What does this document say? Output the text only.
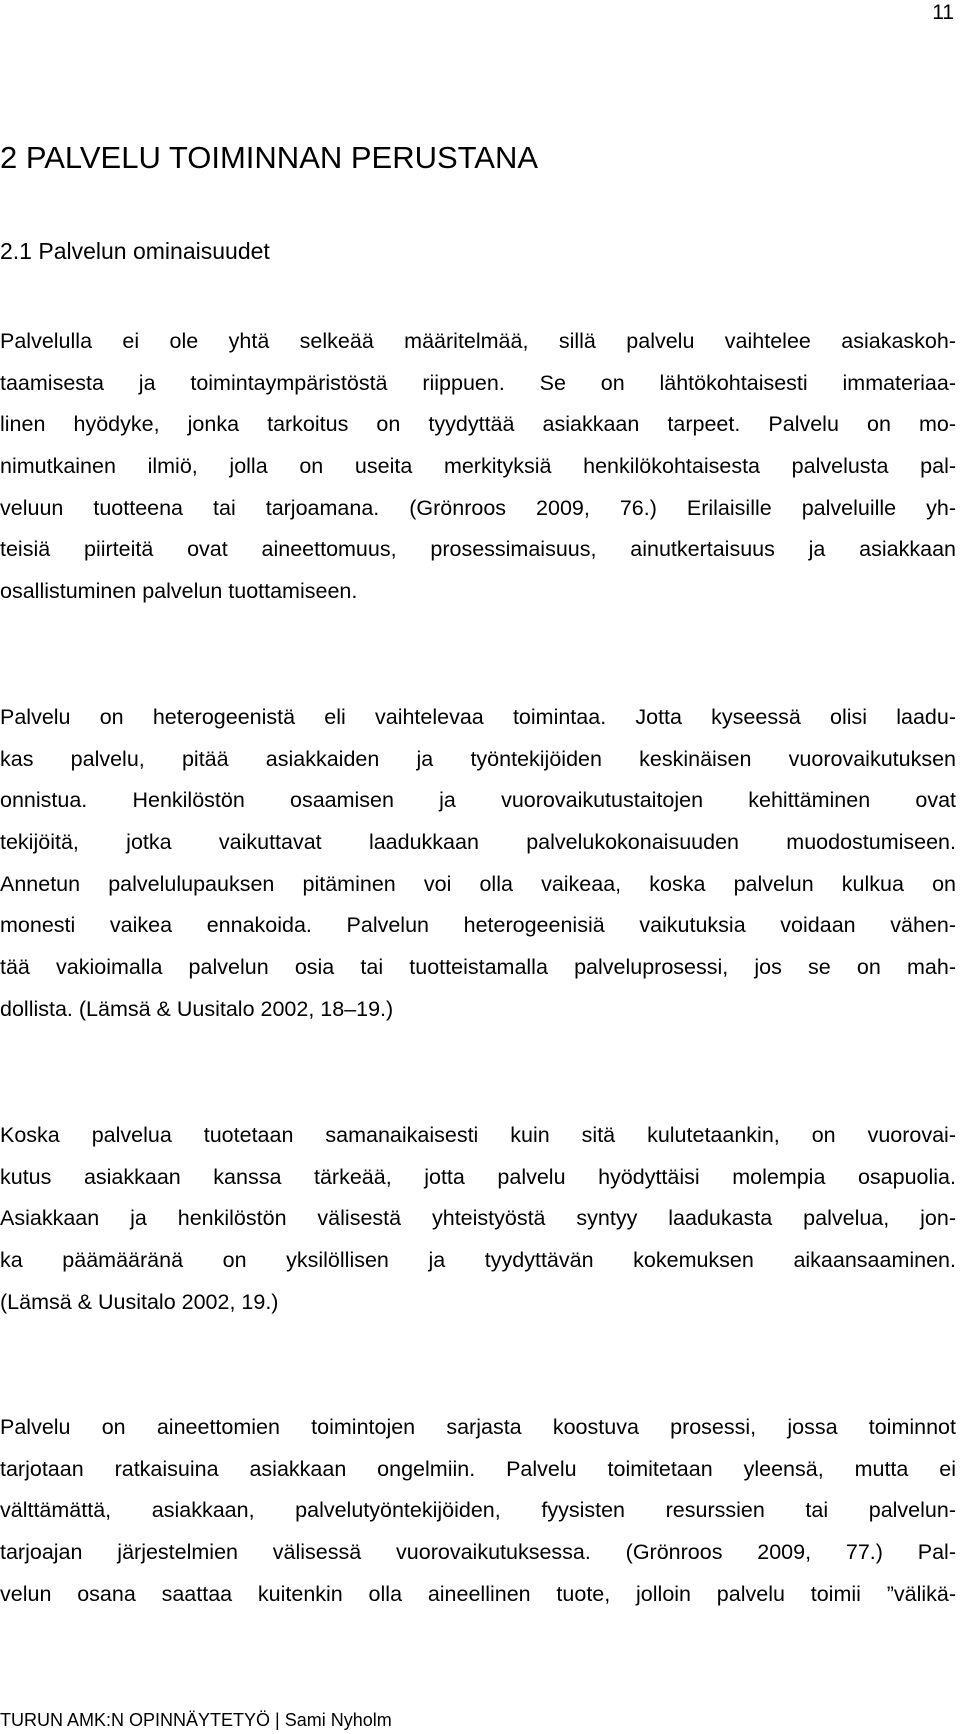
11
2 PALVELU TOIMINNAN PERUSTANA
2.1 Palvelun ominaisuudet
Palvelulla ei ole yhtä selkeää määritelmää, sillä palvelu vaihtelee asiakaskoh-
taamisesta ja toimintaympäristöstä riippuen. Se on lähtökohtaisesti immateriaa-
linen hyödyke, jonka tarkoitus on tyydyttää asiakkaan tarpeet. Palvelu on mo-
nimutkainen ilmiö, jolla on useita merkityksiä henkilökohtaisesta palvelusta pal-
veluun tuotteena tai tarjoamana. (Grönroos 2009, 76.) Erilaisille palveluille yh-
teisiä piirteitä ovat aineettomuus, prosessimaisuus, ainutkertaisuus ja asiakkaan
osallistuminen palvelun tuottamiseen.
Palvelu on heterogeenistä eli vaihtelevaa toimintaa. Jotta kyseessä olisi laadu-
kas palvelu, pitää asiakkaiden ja työntekijöiden keskinäisen vuorovaikutuksen
onnistua. Henkilöstön osaamisen ja vuorovaikutustaitojen kehittäminen ovat
tekijöitä, jotka vaikuttavat laadukkaan palvelukokonaisuuden muodostumiseen.
Annetun palvelulupauksen pitäminen voi olla vaikeaa, koska palvelun kulkua on
monesti vaikea ennakoida. Palvelun heterogeenisiä vaikutuksia voidaan vähen-
tää vakioimalla palvelun osia tai tuotteistamalla palveluprosessi, jos se on mah-
dollista. (Lämsä & Uusitalo 2002, 18–19.)
Koska palvelua tuotetaan samanaikaisesti kuin sitä kulutetaankin, on vuorovai-
kutus asiakkaan kanssa tärkeää, jotta palvelu hyödyttäisi molempia osapuolia.
Asiakkaan ja henkilöstön välisestä yhteistyöstä syntyy laadukasta palvelua, jon-
ka päämääränä on yksilöllisen ja tyydyttävän kokemuksen aikaansaaminen.
(Lämsä & Uusitalo 2002, 19.)
Palvelu on aineettomien toimintojen sarjasta koostuva prosessi, jossa toiminnot
tarjotaan ratkaisuina asiakkaan ongelmiin. Palvelu toimitetaan yleensä, mutta ei
välttämättä, asiakkaan, palvelutyöntekijöiden, fyysisten resurssien tai palvelun-
tarjoajan järjestelmien välisessä vuorovaikutuksessa. (Grönroos 2009, 77.) Pal-
velun osana saattaa kuitenkin olla aineellinen tuote, jolloin palvelu toimii ”välikä-
TURUN AMK:N OPINNÄYTETYÖ | Sami Nyholm
